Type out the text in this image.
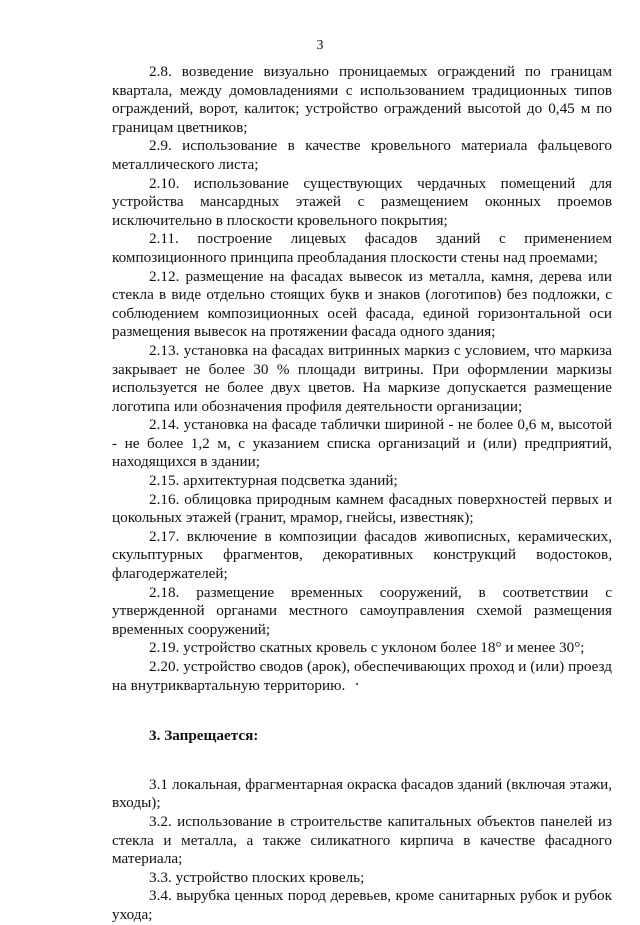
3

2.8. возведение визуально проницаемых ограждений по границам квартала, между домовладениями с использованием традиционных типов ограждений, ворот, калиток; устройство ограждений высотой до 0,45 м по границам цветников;

2.9. использование в качестве кровельного материала фальцевого металлического листа;

2.10. использование существующих чердачных помещений для устройства мансардных этажей с размещением оконных проемов исключительно в плоскости кровельного покрытия;

2.11. построение лицевых фасадов зданий с применением композиционного принципа преобладания плоскости стены над проемами;

2.12. размещение на фасадах вывесок из металла, камня, дерева или стекла в виде отдельно стоящих букв и знаков (логотипов) без подложки, с соблюдением композиционных осей фасада, единой горизонтальной оси размещения вывесок на протяжении фасада одного здания;

2.13. установка на фасадах витринных маркиз с условием, что маркиза закрывает не более 30 % площади витрины. При оформлении маркизы используется не более двух цветов. На маркизе допускается размещение логотипа или обозначения профиля деятельности организации;

2.14. установка на фасаде таблички шириной - не более 0,6 м, высотой - не более 1,2 м, с указанием списка организаций и (или) предприятий, находящихся в здании;

2.15. архитектурная подсветка зданий;

2.16. облицовка природным камнем фасадных поверхностей первых и цокольных этажей (гранит, мрамор, гнейсы, известняк);

2.17. включение в композиции фасадов живописных, керамических, скульптурных фрагментов, декоративных конструкций водостоков, флагодержателей;

2.18. размещение временных сооружений, в соответствии с утвержденной органами местного самоуправления схемой размещения временных сооружений;

2.19. устройство скатных кровель с уклоном более 18° и менее 30°;

2.20. устройство сводов (арок), обеспечивающих проход и (или) проезд на внутриквартальную территорию.

3. Запрещается:

3.1 локальная, фрагментарная окраска фасадов зданий (включая этажи, входы);

3.2. использование в строительстве капитальных объектов панелей из стекла и металла, а также силикатного кирпича в качестве фасадного материала;

3.3. устройство плоских кровель;

3.4. вырубка ценных пород деревьев, кроме санитарных рубок и рубок ухода;
